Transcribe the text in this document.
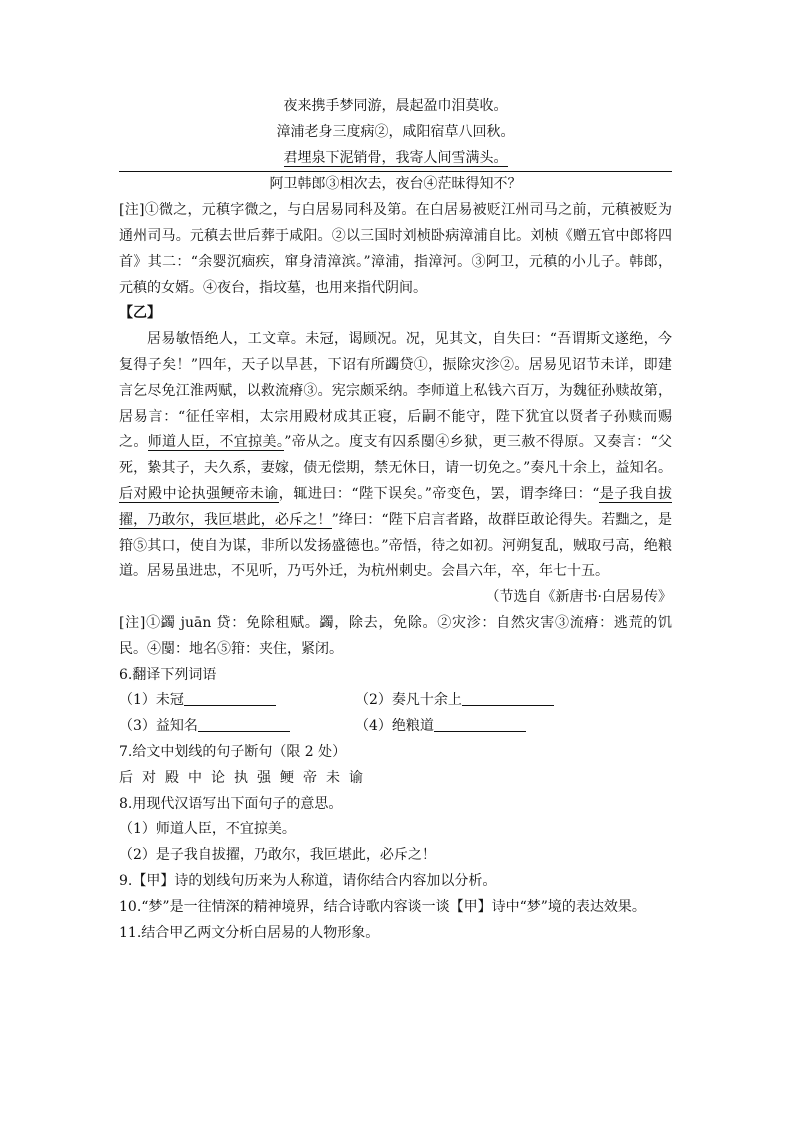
夜来携手梦同游，晨起盈巾泪莫收。

漳浦老身三度病②，咸阳宿草八回秋。

君埋泉下泥销骨，我寄人间雪满头。

阿卫韩郎③相次去，夜台④茫昧得知不？

[注]①微之，元稹字微之，与白居易同科及第。在白居易被贬江州司马之前，元稹被贬为通州司马。元稹去世后葬于咸阳。②以三国时刘桢卧病漳浦自比。刘桢《赠五官中郎将四首》其二：“余婴沉痼疾，窜身清漳滨。”漳浦，指漳河。③阿卫，元稹的小儿子。韩郎，元稹的女婿。④夜台，指坟墓，也用来指代阴间。

【乙】

居易敏悟绝人，工文章。未冠，谒顾况。况，见其文，自失曰：“吾谓斯文遂绝，今复得子矣！”四年，天子以旱甚，下诏有所蠲贷①，振除灾沴②。居易见诏节未详，即建言乞尽免江淮两赋，以救流瘠③。宪宗颇采纳。李师道上私钱六百万，为魏征孙赎故第，居易言：“征任宰相，太宗用殿材成其正寝，后嗣不能守，陛下犹宜以贤者子孙赎而赐之。师道人臣，不宜掠美。”帝从之。度支有囚系閺④乡狱，更三赦不得原。又奏言：“父死，絷其子，夫久系，妻嫁，债无偿期，禁无休日，请一切免之。”奏凡十余上，益知名。后对殿中论执强鲠帝未谕，辄进曰：“陛下误矣。”帝变色，罢，谓李绛曰：“是子我自拔擢，乃敢尔，我叵堪此，必斥之！”绛曰：“陛下启言者路，故群臣敢论得失。若黜之，是箝⑤其口，使自为谋，非所以发扬盛德也。”帝悟，待之如初。河朔复乱，贼取弓高，绝粮道。居易虽进忠，不见听，乃丐外迁，为杭州刺史。会昌六年，卒，年七十五。

（节选自《新唐书·白居易传》

[注]①蠲 juān 贷：免除租赋。蠲，除去，免除。②灾沴：自然灾害③流瘠：逃荒的饥民。④閺：地名⑤箝：夹住，紧闭。

6.翻译下列词语

（1）未冠	（2）奏凡十余上
（3）益知名	（4）绝粮道

7.给文中划线的句子断句（限 2 处）

后对殿中论执强鲠帝未谕

8.用现代汉语写出下面句子的意思。

（1）师道人臣，不宜掠美。

（2）是子我自拔擢，乃敢尔，我叵堪此，必斥之！

9.【甲】诗的划线句历来为人称道，请你结合内容加以分析。

10.“梦”是一往情深的精神境界，结合诗歌内容谈一谈【甲】诗中“梦”境的表达效果。

11.结合甲乙两文分析白居易的人物形象。
